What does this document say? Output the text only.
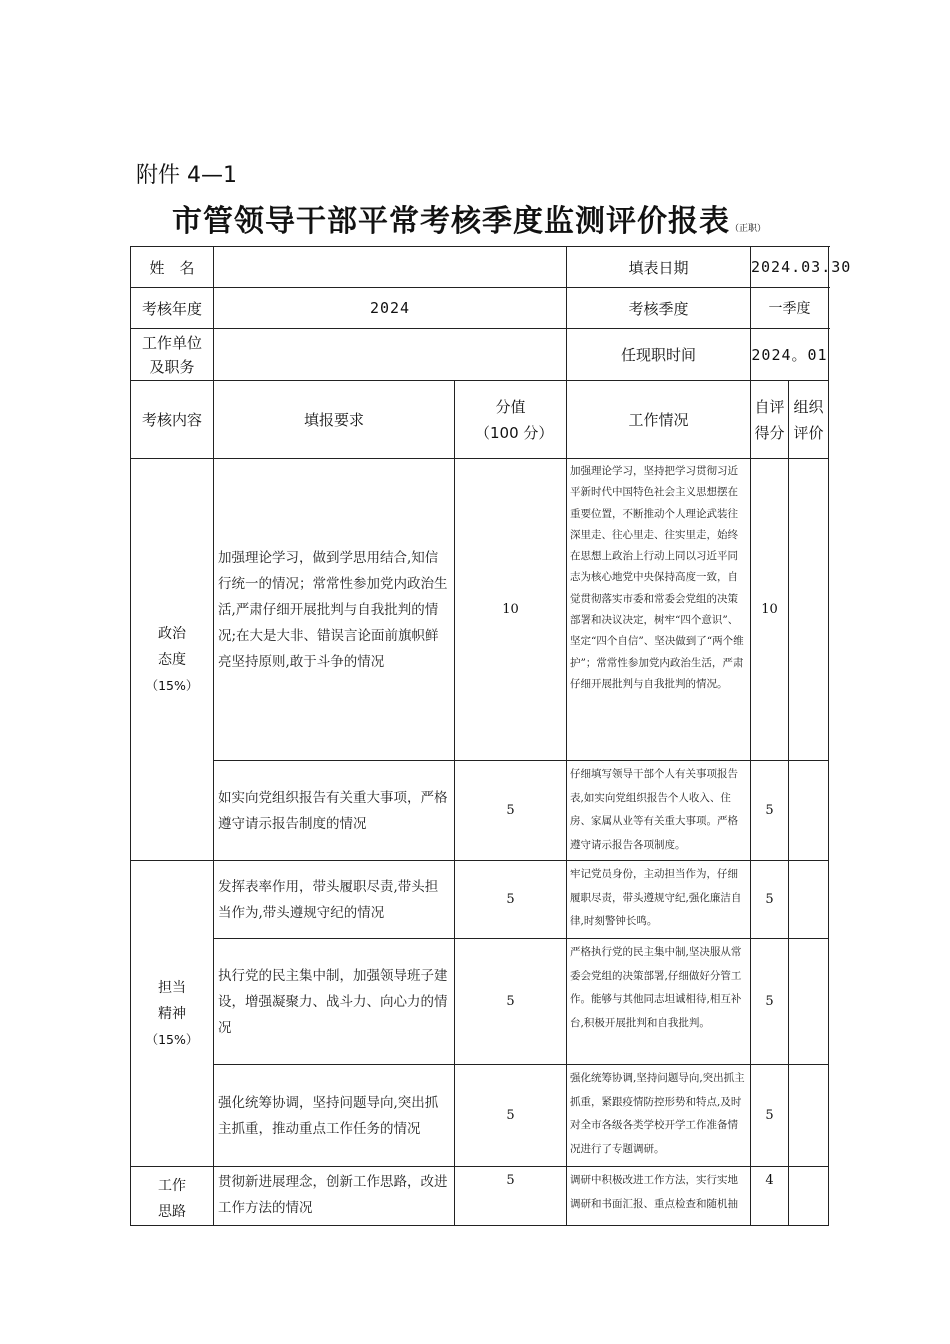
附件 4—1
市管领导干部平常考核季度监测评价报表（正职）
姓　名			填表日期	2024.03.30	
考核年度	2024		考核季度	一季度	
工作单位及职务			任现职时间	2024。01	
考核内容	填报要求	分值（100 分）	工作情况	自评得分	组织评价

政治态度
（15%）	加强理论学习，做到学思用结合,知信行统一的情况；常常性参加党内政治生活,严肃仔细开展批判与自我批判的情况;在大是大非、错误言论面前旗帜鲜亮坚持原则,敢于斗争的情况	10	加强理论学习，坚持把学习贯彻习近平新时代中国特色社会主义思想摆在重要位置，不断推动个人理论武装往深里走、往心里走、往实里走，始终在思想上政治上行动上同以习近平同志为核心地党中央保持高度一致，自觉贯彻落实市委和常委会党组的决策部署和决议决定，树牢“四个意识”、坚定“四个自信”、坚决做到了“两个维护”；常常性参加党内政治生活，严肃仔细开展批判与自我批判的情况。	10	
	如实向党组织报告有关重大事项，严格遵守请示报告制度的情况	5	仔细填写领导干部个人有关事项报告表,如实向党组织报告个人收入、住房、家属从业等有关重大事项。严格遵守请示报告各项制度。	5	

担当精神
（15%）	发挥表率作用，带头履职尽责,带头担当作为,带头遵规守纪的情况	5	牢记党员身份，主动担当作为，仔细履职尽责，带头遵规守纪,强化廉洁自律,时刻警钟长鸣。	5	
	执行党的民主集中制，加强领导班子建设，增强凝聚力、战斗力、向心力的情况	5	严格执行党的民主集中制,坚决服从常委会党组的决策部署,仔细做好分管工作。能够与其他同志坦诚相待,相互补台,积极开展批判和自我批判。	5	
	强化统筹协调，坚持问题导向,突出抓主抓重，推动重点工作任务的情况	5	强化统筹协调,坚持问题导向,突出抓主抓重，紧跟疫情防控形势和特点,及时对全市各级各类学校开学工作准备情况进行了专题调研。	5	

工作思路	贯彻新进展理念，创新工作思路，改进工作方法的情况	5	调研中积极改进工作方法，实行实地调研和书面汇报、重点检查和随机抽	4	
